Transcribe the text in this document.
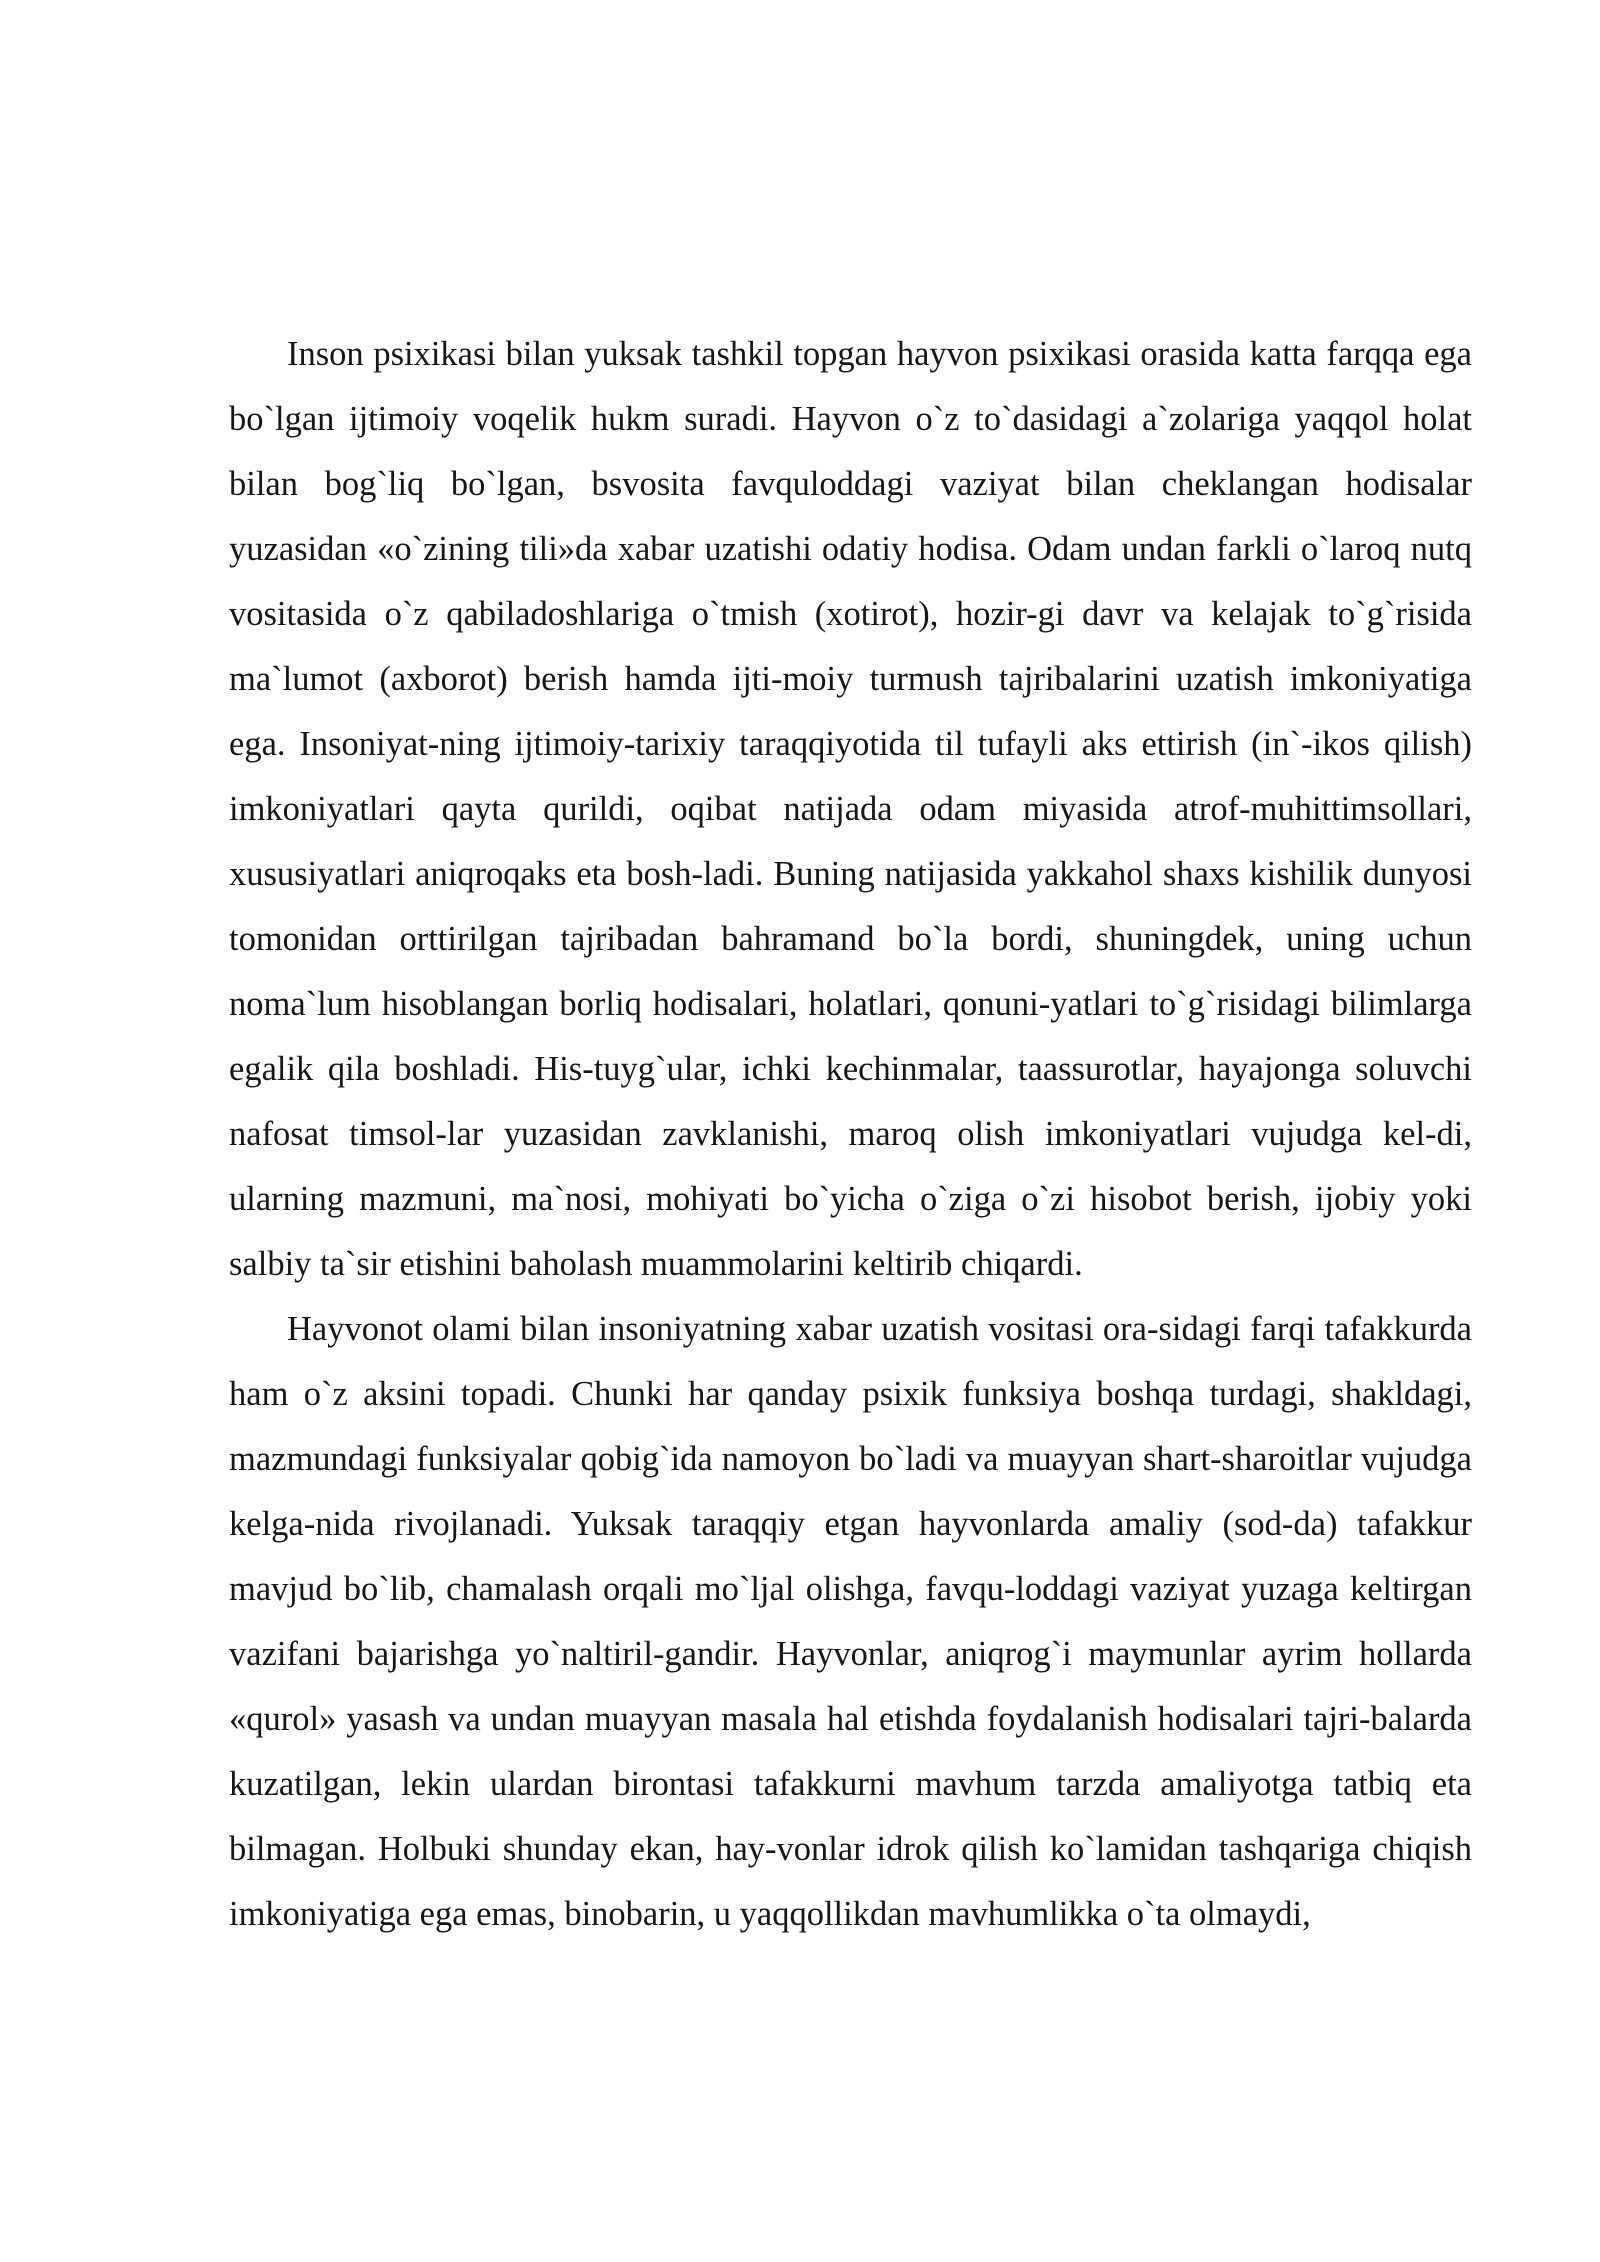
Inson psixikasi bilan yuksak tashkil topgan hayvon psixikasi orasida katta farqqa ega bo`lgan ijtimoiy voqelik hukm suradi. Hayvon o`z to`dasidagi a`zolariga yaqqol holat bilan bog`liq bo`lgan, bsvosita favquloddagi vaziyat bilan cheklangan hodisalar yuzasidan «o`zining tili»da xabar uzatishi odatiy hodisa. Odam undan farkli o`laroq nutq vositasida o`z qabiladoshlariga o`tmish (xotirot), hozir-gi davr va kelajak to`g`risida ma`lumot (axborot) berish hamda ijti-moiy turmush tajribalarini uzatish imkoniyatiga ega. Insoniyat-ning ijtimoiy-tarixiy taraqqiyotida til tufayli aks ettirish (in`-ikos qilish) imkoniyatlari qayta qurildi, oqibat natijada odam miyasida atrof-muhittimsollari, xususiyatlari aniqroqaks eta bosh-ladi. Buning natijasida yakkahol shaxs kishilik dunyosi tomonidan orttirilgan tajribadan bahramand bo`la bordi, shuningdek, uning uchun noma`lum hisoblangan borliq hodisalari, holatlari, qonuni-yatlari to`g`risidagi bilimlarga egalik qila boshladi. His-tuyg`ular, ichki kechinmalar, taassurotlar, hayajonga soluvchi nafosat timsol-lar yuzasidan zavklanishi, maroq olish imkoniyatlari vujudga kel-di, ularning mazmuni, ma`nosi, mohiyati bo`yicha o`ziga o`zi hisobot berish, ijobiy yoki salbiy ta`sir etishini baholash muammolarini keltirib chiqardi.

Hayvonot olami bilan insoniyatning xabar uzatish vositasi ora-sidagi farqi tafakkurda ham o`z aksini topadi. Chunki har qanday psixik funksiya boshqa turdagi, shakldagi, mazmundagi funksiyalar qobig`ida namoyon bo`ladi va muayyan shart-sharoitlar vujudga kelga-nida rivojlanadi. Yuksak taraqqiy etgan hayvonlarda amaliy (sod-da) tafakkur mavjud bo`lib, chamalash orqali mo`ljal olishga, favqu-loddagi vaziyat yuzaga keltirgan vazifani bajarishga yo`naltiril-gandir. Hayvonlar, aniqrog`i maymunlar ayrim hollarda «qurol» yasash va undan muayyan masala hal etishda foydalanish hodisalari tajri-balarda kuzatilgan, lekin ulardan birontasi tafakkurni mavhum tarzda amaliyotga tatbiq eta bilmagan. Holbuki shunday ekan, hay-vonlar idrok qilish ko`lamidan tashqariga chiqish imkoniyatiga ega emas, binobarin, u yaqqollikdan mavhumlikka o`ta olmaydi,
